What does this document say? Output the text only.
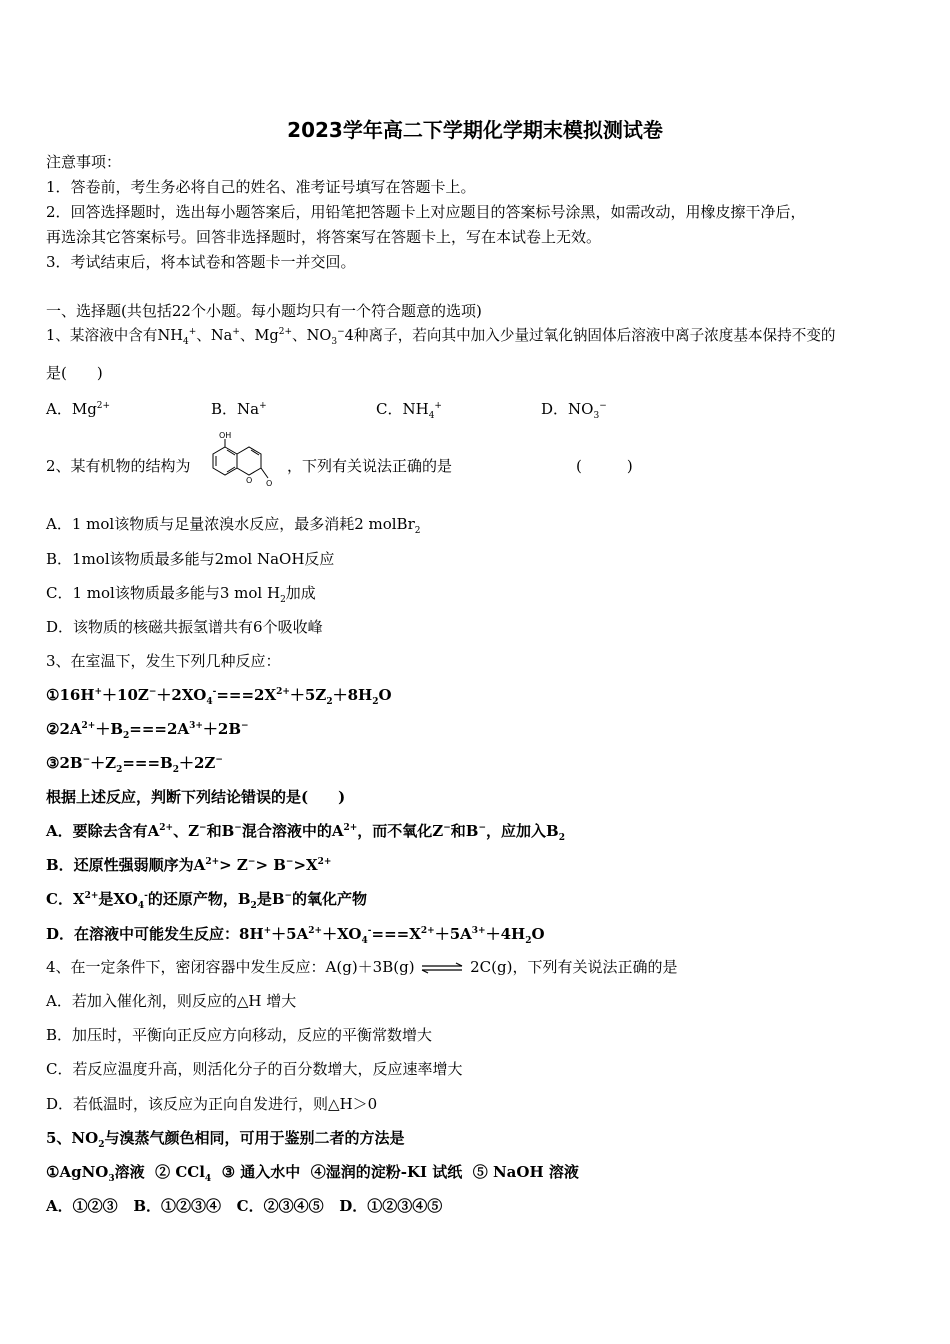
2023学年高二下学期化学期末模拟测试卷
注意事项：
1．答卷前，考生务必将自己的姓名、准考证号填写在答题卡上。
2．回答选择题时，选出每小题答案后，用铅笔把答题卡上对应题目的答案标号涂黑，如需改动，用橡皮擦干净后，
再选涂其它答案标号。回答非选择题时，将答案写在答题卡上，写在本试卷上无效。
3．考试结束后，将本试卷和答题卡一并交回。
一、选择题(共包括22个小题。每小题均只有一个符合题意的选项)
1、某溶液中含有$NH_4^+$、Na+、$Mg^{2+}$、$NO_3^-4$种离子，若向其中加入少量过氧化钠固体后溶液中离子浓度基本保持不变的
是(　　)
A．$Mg^{2+}$	B．Na+	C．$NH_4^+$	D．$NO_3^-$
2、某有机物的结构为
OH
O O
，下列有关说法正确的是	(　　　)
A．1 mol该物质与足量浓溴水反应，最多消耗2 molBr$_2$
B．1mol该物质最多能与2mol NaOH反应
C．1 mol该物质最多能与3 mol $H_2$加成
D．该物质的核磁共振氢谱共有6个吸收峰
3、在室温下，发生下列几种反应：
$①16H^++10Z^-+2XO_4^-===2X^{2+}+5Z_2+8H_2O$
$②2A^{2+}+B_2===2A^{3+}+2B^-$
$③2B^-+Z_2===B_2+2Z^-$
根据上述反应，判断下列结论错误的是(　　)
A．要除去含有$A^{2+}$、Z−和B−混合溶液中的$A^{2+}$，而不氧化Z−和B−，应加入$B_2$
B．还原性强弱顺序为$A^{2+}> Z^-> B^->X^{2+}$
C．$X^{2+}$是$XO_4^-$的还原产物，$B_2$是B−的氧化产物
D．在溶液中可能发生反应：$8H^++5A^{2+}+XO_4^-===X^{2+}+5A^{3+}+4H_2O$
4、在一定条件下，密闭容器中发生反应：A(g)＋3B(g) ⇌ 2C(g)，下列有关说法正确的是
A．若加入催化剂，则反应的△H 增大
B．加压时，平衡向正反应方向移动，反应的平衡常数增大
C．若反应温度升高，则活化分子的百分数增大，反应速率增大
D．若低温时，该反应为正向自发进行，则△H＞0
5、$NO_2$与溴蒸气颜色相同，可用于鉴别二者的方法是
①AgNO$_3$溶液 ② CCl$_4$ ③ 通入水中 ④湿润的淀粉-KI 试纸 ⑤ NaOH 溶液
A．①②③ B．①②③④ C．②③④⑤ D．①②③④⑤
